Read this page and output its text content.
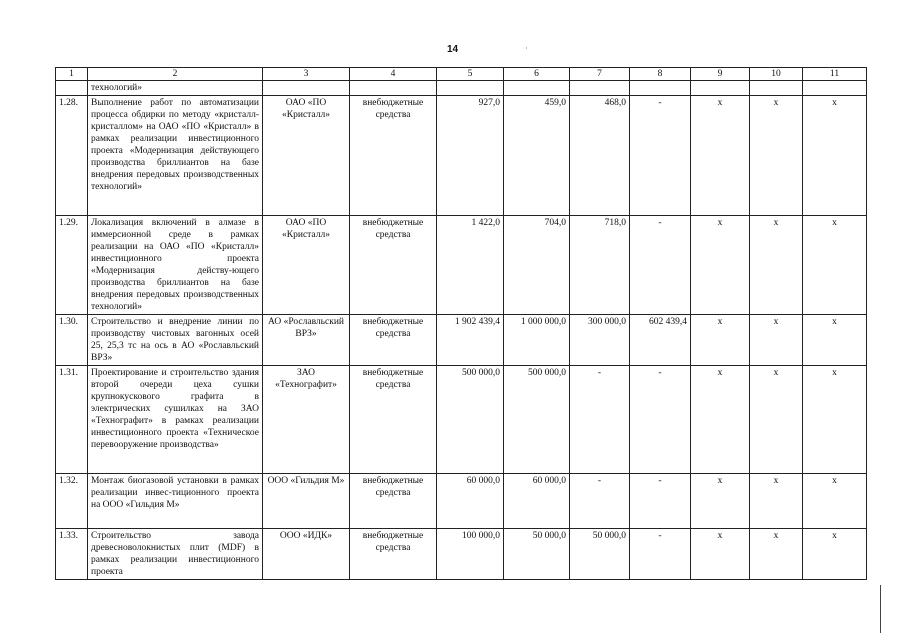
14
1	2	3	4	5	6	7	8	9	10	11
	технологий»									
1.28.	Выполнение работ по автоматизации процесса обдирки по методу «кристалл-кристаллом» на ОАО «ПО «Кристалл» в рамках реализации инвестиционного проекта «Модернизация действующего производства бриллиантов на базе внедрения передовых производственных технологий»	ОАО «ПО «Кристалл»	внебюджетные средства	927,0	459,0	468,0	-	х	х	х
1.29.	Локализация включений в алмазе в иммерсионной среде в рамках реализации на ОАО «ПО «Кристалл» инвестиционного проекта «Модернизация действу-ющего производства бриллиантов на базе внедрения передовых производственных технологий»	ОАО «ПО «Кристалл»	внебюджетные средства	1 422,0	704,0	718,0	-	х	х	х
1.30.	Строительство и внедрение линии по производству чистовых вагонных осей 25, 25,3 тс на ось в АО «Рославльский ВРЗ»	АО «Рославльский ВРЗ»	внебюджетные средства	1 902 439,4	1 000 000,0	300 000,0	602 439,4	х	х	х
1.31.	Проектирование и строительство здания второй очереди цеха сушки крупнокускового графита в электрических сушилках на ЗАО «Технографит» в рамках реализации инвестиционного проекта «Техническое перевооружение производства»	ЗАО «Технографит»	внебюджетные средства	500 000,0	500 000,0	-	-	х	х	х
1.32.	Монтаж биогазовой установки в рамках реализации инвес-тиционного проекта на ООО «Гильдия М»	ООО «Гильдия М»	внебюджетные средства	60 000,0	60 000,0	-	-	х	х	х
1.33.	Строительство завода древесноволокнистых плит (MDF) в рамках реализации инвестиционного проекта	ООО «ИДК»	внебюджетные средства	100 000,0	50 000,0	50 000,0	-	х	х	х
